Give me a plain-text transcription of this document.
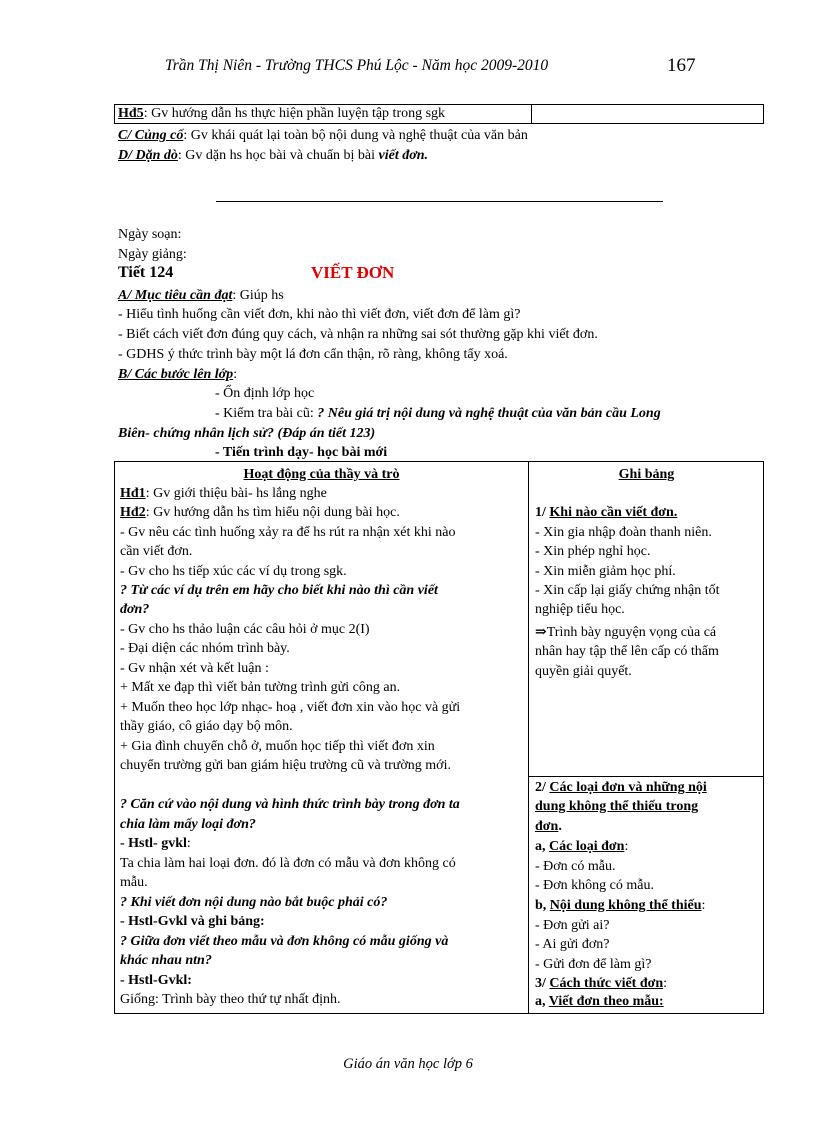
Trần Thị Niên - Trường THCS Phú Lộc - Năm học 2009-2010	167
Hđ5: Gv hướng dẫn hs thực hiện phần luyện tập trong sgk
C/ Củng cố: Gv khái quát lại toàn bộ nội dung và nghệ thuật của văn bản
D/ Dặn dò: Gv dặn hs học bài và chuẩn bị bài viết đơn.
Ngày soạn:
Ngày giảng:
Tiết 124	VIẾT ĐƠN
A/ Mục tiêu cần đạt: Giúp hs
- Hiểu tình huống cần viết đơn, khi nào thì viết đơn, viết đơn để làm gì?
- Biết cách viết đơn đúng quy cách, và nhận ra những sai sót thường gặp khi viết đơn.
- GDHS ý thức trình bày một lá đơn cẩn thận, rõ ràng, không tẩy xoá.
B/ Các bước lên lớp:
- Ổn định lớp học
- Kiểm tra bài cũ: ? Nêu giá trị nội dung và nghệ thuật của văn bản cầu Long
Biên- chứng nhân lịch sử? (Đáp án tiết 123)
- Tiến trình dạy- học bài mới
Hoạt động của thầy và trò
Hđ1: Gv giới thiệu bài- hs lắng nghe
Hđ2: Gv hướng dẫn hs tìm hiểu nội dung bài học.
- Gv nêu các tình huống xảy ra để hs rút ra nhận xét khi nào
cần viết đơn.
- Gv cho hs tiếp xúc các ví dụ trong sgk.
? Từ các ví dụ trên em hãy cho biết khi nào thì cần viết
đơn?
- Gv cho hs thảo luận các câu hỏi ở mục 2(I)
- Đại diện các nhóm trình bày.
- Gv nhận xét và kết luận :
+ Mất xe đạp thì viết bản tường trình gửi công an.
+ Muốn theo học lớp nhạc- hoạ , viết đơn xin vào học và gửi
thầy giáo, cô giáo dạy bộ môn.
+ Gia đình chuyển chỗ ở, muốn học tiếp thì viết đơn xin
chuyển trường gửi ban giám hiệu trường cũ và trường mới.
? Căn cứ vào nội dung và hình thức trình bày trong đơn ta
chia làm mấy loại đơn?
- Hstl- gvkl:
Ta chia làm hai loại đơn. đó là đơn có mẫu và đơn không có
mẫu.
? Khi viết đơn nội dung nào bắt buộc phải có?
- Hstl-Gvkl và ghi bảng:
? Giữa đơn viết theo mẫu và đơn không có mẫu giống và
khác nhau ntn?
- Hstl-Gvkl:
Giống: Trình bày theo thứ tự nhất định.
Ghi bảng
1/ Khi nào cần viết đơn.
- Xin gia nhập đoàn thanh niên.
- Xin phép nghỉ học.
- Xin miễn giảm học phí.
- Xin cấp lại giấy chứng nhận tốt
nghiệp tiểu học.
⇒Trình bày nguyện vọng của cá
nhân hay tập thể lên cấp có thẩm
quyền giải quyết.
2/ Các loại đơn và những nội
dung không thể thiếu trong
đơn.
a, Các loại đơn:
- Đơn có mẫu.
- Đơn không có mẫu.
b, Nội dung không thể thiếu:
- Đơn gửi ai?
- Ai gửi đơn?
- Gửi đơn để làm gì?
3/ Cách thức viết đơn:
a, Viết đơn theo mẫu:
Giáo án văn học lớp 6
